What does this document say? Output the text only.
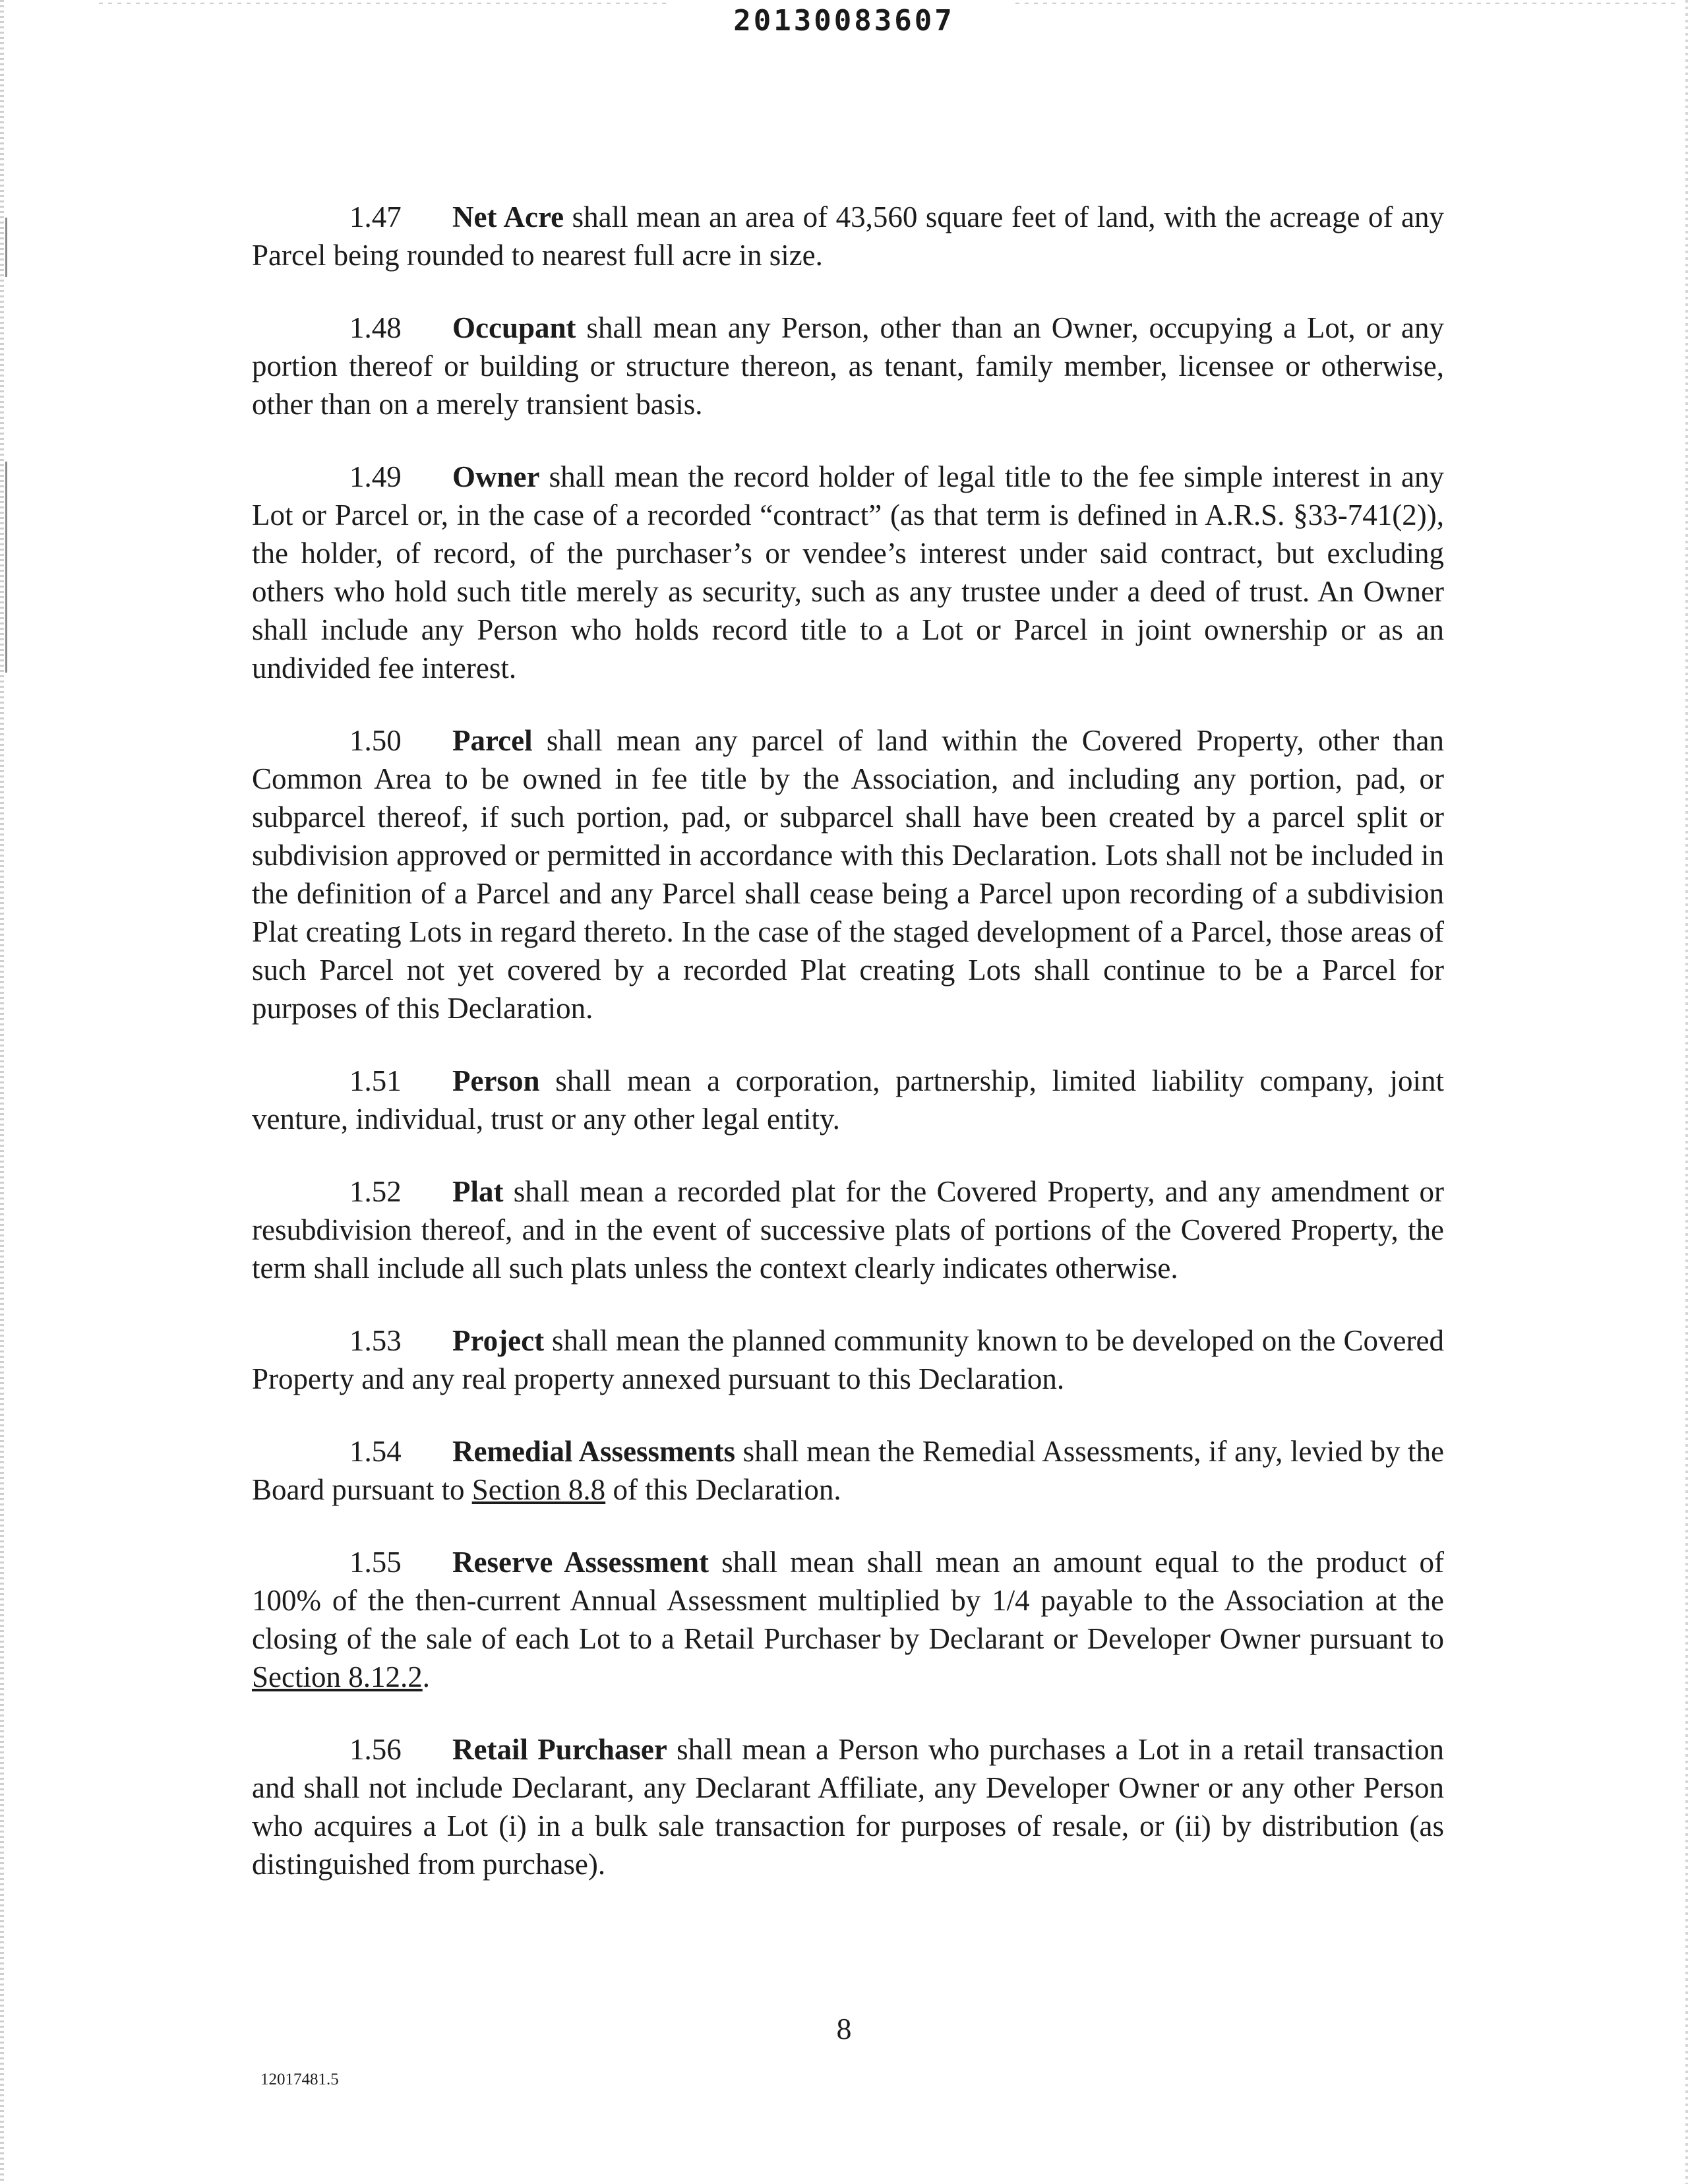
20130083607

1.47 Net Acre shall mean an area of 43,560 square feet of land, with the acreage of any Parcel being rounded to nearest full acre in size.

1.48 Occupant shall mean any Person, other than an Owner, occupying a Lot, or any portion thereof or building or structure thereon, as tenant, family member, licensee or otherwise, other than on a merely transient basis.

1.49 Owner shall mean the record holder of legal title to the fee simple interest in any Lot or Parcel or, in the case of a recorded “contract” (as that term is defined in A.R.S. §33-741(2)), the holder, of record, of the purchaser’s or vendee’s interest under said contract, but excluding others who hold such title merely as security, such as any trustee under a deed of trust. An Owner shall include any Person who holds record title to a Lot or Parcel in joint ownership or as an undivided fee interest.

1.50 Parcel shall mean any parcel of land within the Covered Property, other than Common Area to be owned in fee title by the Association, and including any portion, pad, or subparcel thereof, if such portion, pad, or subparcel shall have been created by a parcel split or subdivision approved or permitted in accordance with this Declaration. Lots shall not be included in the definition of a Parcel and any Parcel shall cease being a Parcel upon recording of a subdivision Plat creating Lots in regard thereto. In the case of the staged development of a Parcel, those areas of such Parcel not yet covered by a recorded Plat creating Lots shall continue to be a Parcel for purposes of this Declaration.

1.51 Person shall mean a corporation, partnership, limited liability company, joint venture, individual, trust or any other legal entity.

1.52 Plat shall mean a recorded plat for the Covered Property, and any amendment or resubdivision thereof, and in the event of successive plats of portions of the Covered Property, the term shall include all such plats unless the context clearly indicates otherwise.

1.53 Project shall mean the planned community known to be developed on the Covered Property and any real property annexed pursuant to this Declaration.

1.54 Remedial Assessments shall mean the Remedial Assessments, if any, levied by the Board pursuant to Section 8.8 of this Declaration.

1.55 Reserve Assessment shall mean shall mean an amount equal to the product of 100% of the then-current Annual Assessment multiplied by 1/4 payable to the Association at the closing of the sale of each Lot to a Retail Purchaser by Declarant or Developer Owner pursuant to Section 8.12.2.

1.56 Retail Purchaser shall mean a Person who purchases a Lot in a retail transaction and shall not include Declarant, any Declarant Affiliate, any Developer Owner or any other Person who acquires a Lot (i) in a bulk sale transaction for purposes of resale, or (ii) by distribution (as distinguished from purchase).

8
12017481.5
